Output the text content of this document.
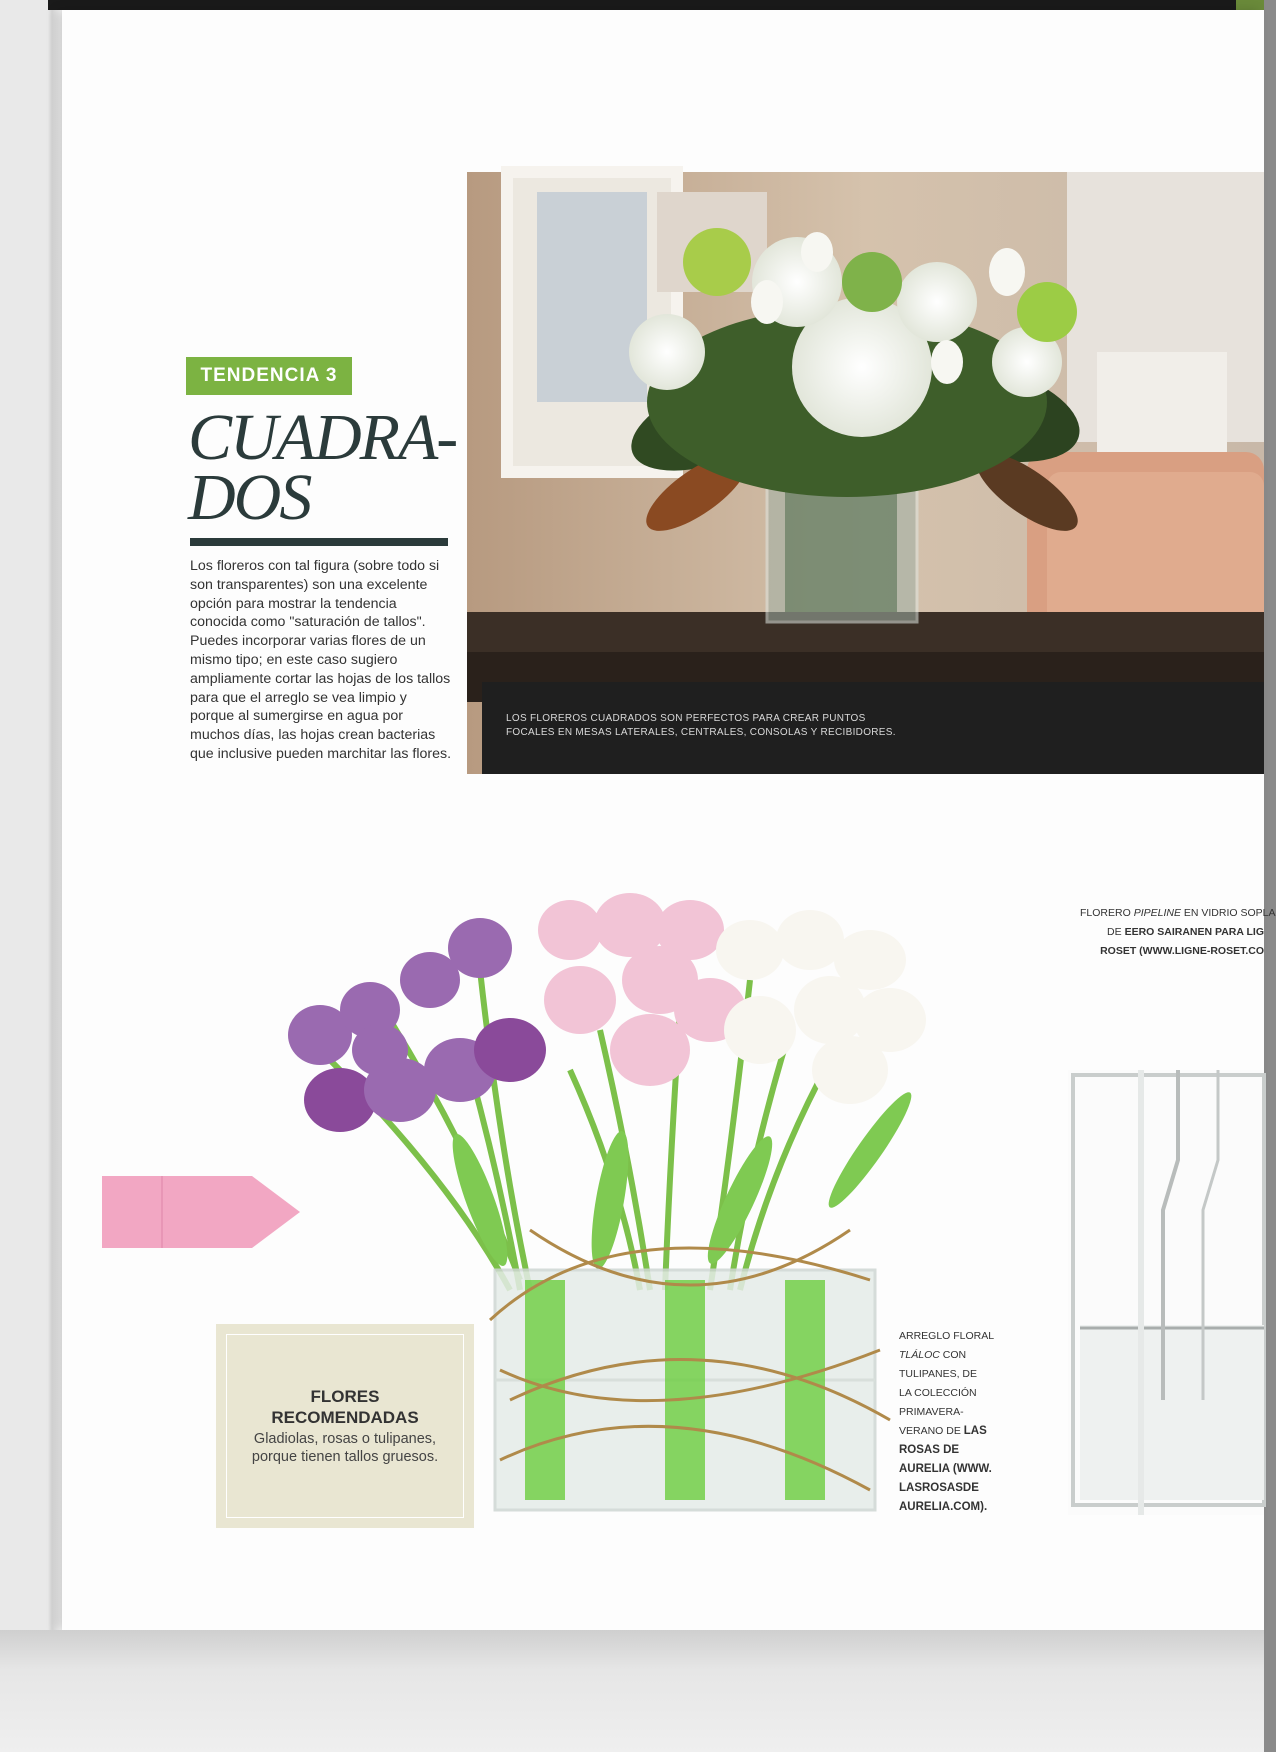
TENDENCIA 3
CUADRA-
DOS
Los floreros con tal figura (sobre todo si son transparentes) son una excelente opción para mostrar la tendencia conocida como "saturación de tallos". Puedes incorporar varias flores de un mismo tipo; en este caso sugiero ampliamente cortar las hojas de los tallos para que el arreglo se vea limpio y porque al sumergirse en agua por muchos días, las hojas crean bacterias que inclusive pueden marchitar las flores.
LOS FLOREROS CUADRADOS SON PERFECTOS PARA CREAR PUNTOS
FOCALES EN MESAS LATERALES, CENTRALES, CONSOLAS Y RECIBIDORES.
FLORES
RECOMENDADAS
Gladiolas, rosas o tulipanes, porque tienen tallos gruesos.
ARREGLO FLORAL
TLÁLOC CON
TULIPANES, DE
LA COLECCIÓN
PRIMAVERA-
VERANO DE LAS
ROSAS DE
AURELIA (WWW.
LASROSASDE
AURELIA.COM).
FLORERO PIPELINE EN VIDRIO SOPLA
DE EERO SAIRANEN PARA LIG
ROSET (WWW.LIGNE-ROSET.CO
